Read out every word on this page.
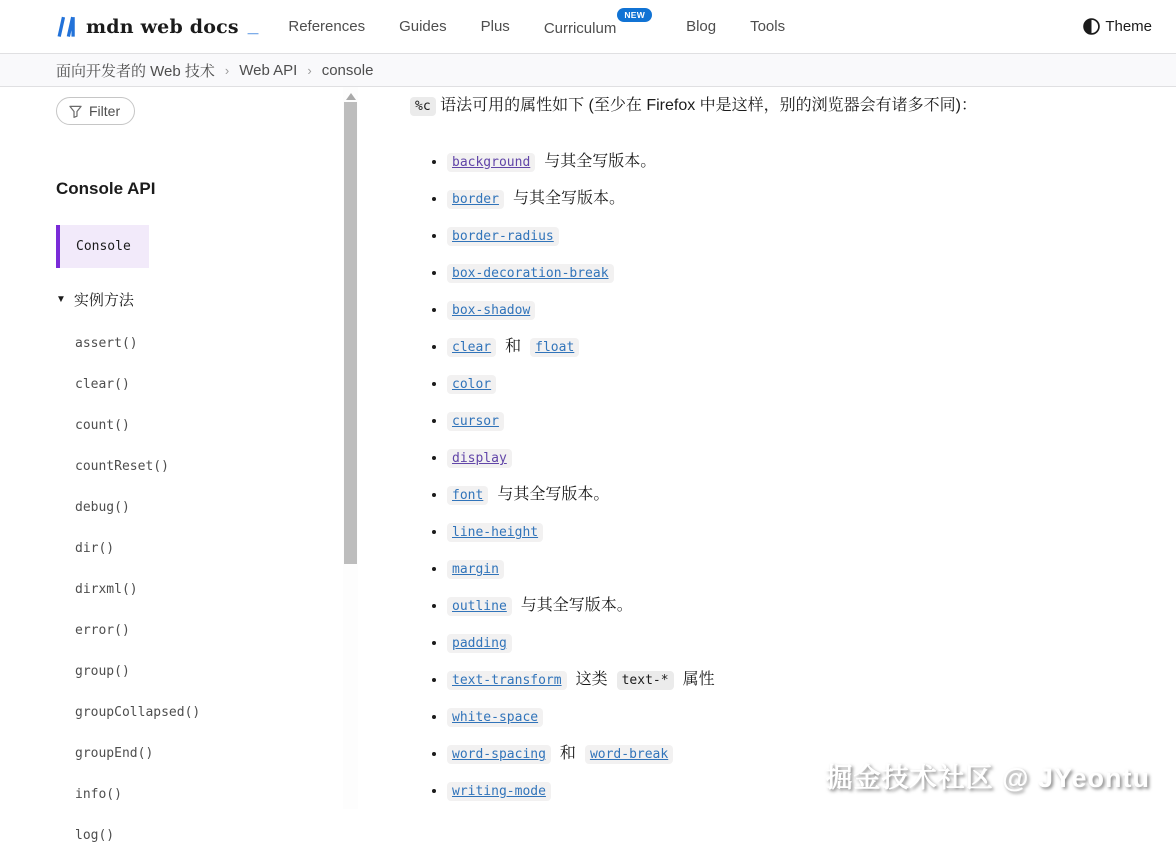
mdn web docs _ References Guides Plus Curriculum$^{NEW}$
Blog Tools	Theme
面向开发者的 Web 技术 › Web API › console
Filter
Console API
Console
▼ 实例方法
assert()
clear()
count()
countReset()
debug()
dir()
dirxml()
error()
group()
groupCollapsed()
groupEnd()
info()
log()

%c 语法可用的属性如下 (至少在 Firefox 中是这样，别的浏览器会有诸多不同)：

• background 与其全写版本。
• border 与其全写版本。
• border-radius
• box-decoration-break
• box-shadow
• clear 和 float
• color
• cursor
• display
• font 与其全写版本。
• line-height
• margin
• outline 与其全写版本。
• padding
• text-transform 这类 text-* 属性
• white-space
• word-spacing 和 word-break
• writing-mode	掘金技术社区 @ JYeontu
